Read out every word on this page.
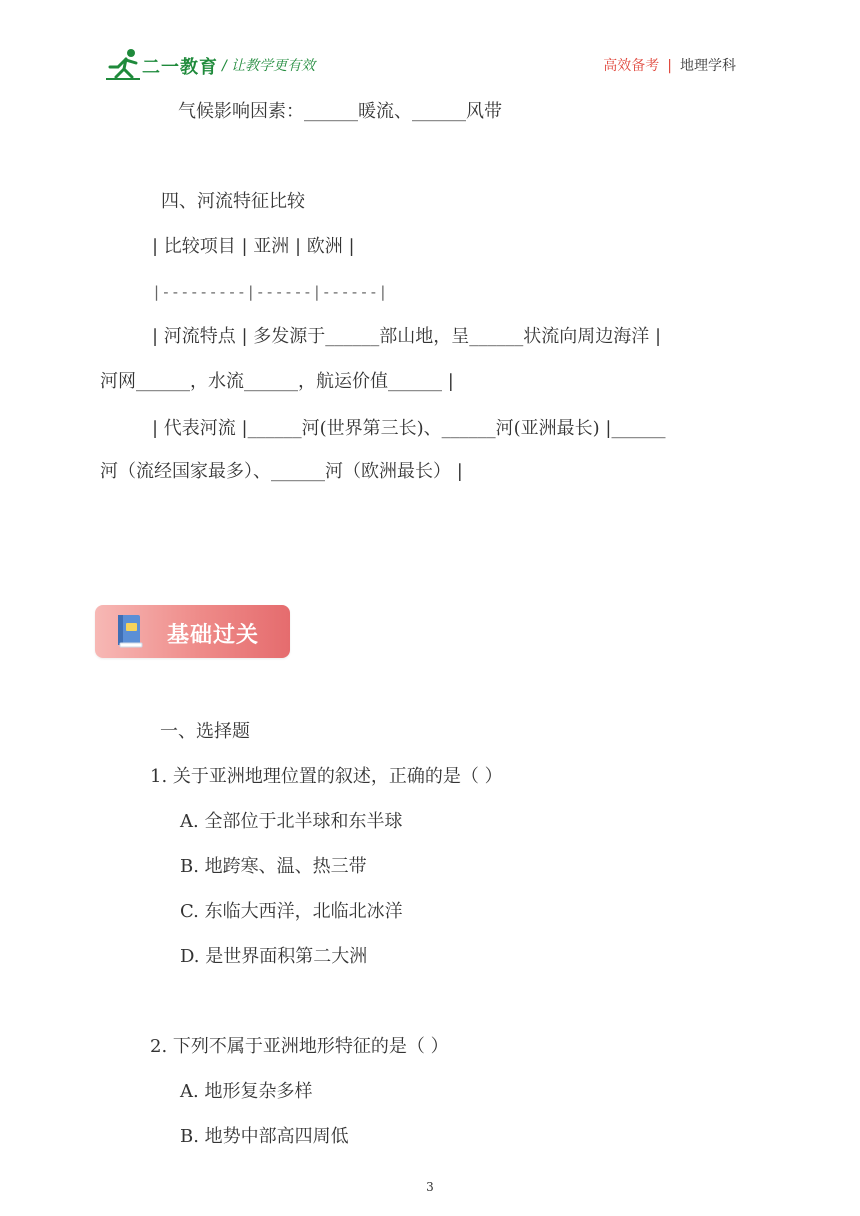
二一教育 / 让教学更有效	高效备考 | 地理学科
气候影响因素：______暖流、______风带
四、河流特征比较
| 比较项目 | 亚洲 | 欧洲 |
|---------|------|------|
| 河流特点 | 多发源于______部山地，呈______状流向周边海洋 |
河网______，水流______，航运价值______ |
| 代表河流 |______河(世界第三长)、______河(亚洲最长) |______
河（流经国家最多）、______河（欧洲最长） |
基础过关
一、选择题
1. 关于亚洲地理位置的叙述，正确的是（ ）
A. 全部位于北半球和东半球
B. 地跨寒、温、热三带
C. 东临大西洋，北临北冰洋
D. 是世界面积第二大洲
2. 下列不属于亚洲地形特征的是（ ）
A. 地形复杂多样
B. 地势中部高四周低
3
